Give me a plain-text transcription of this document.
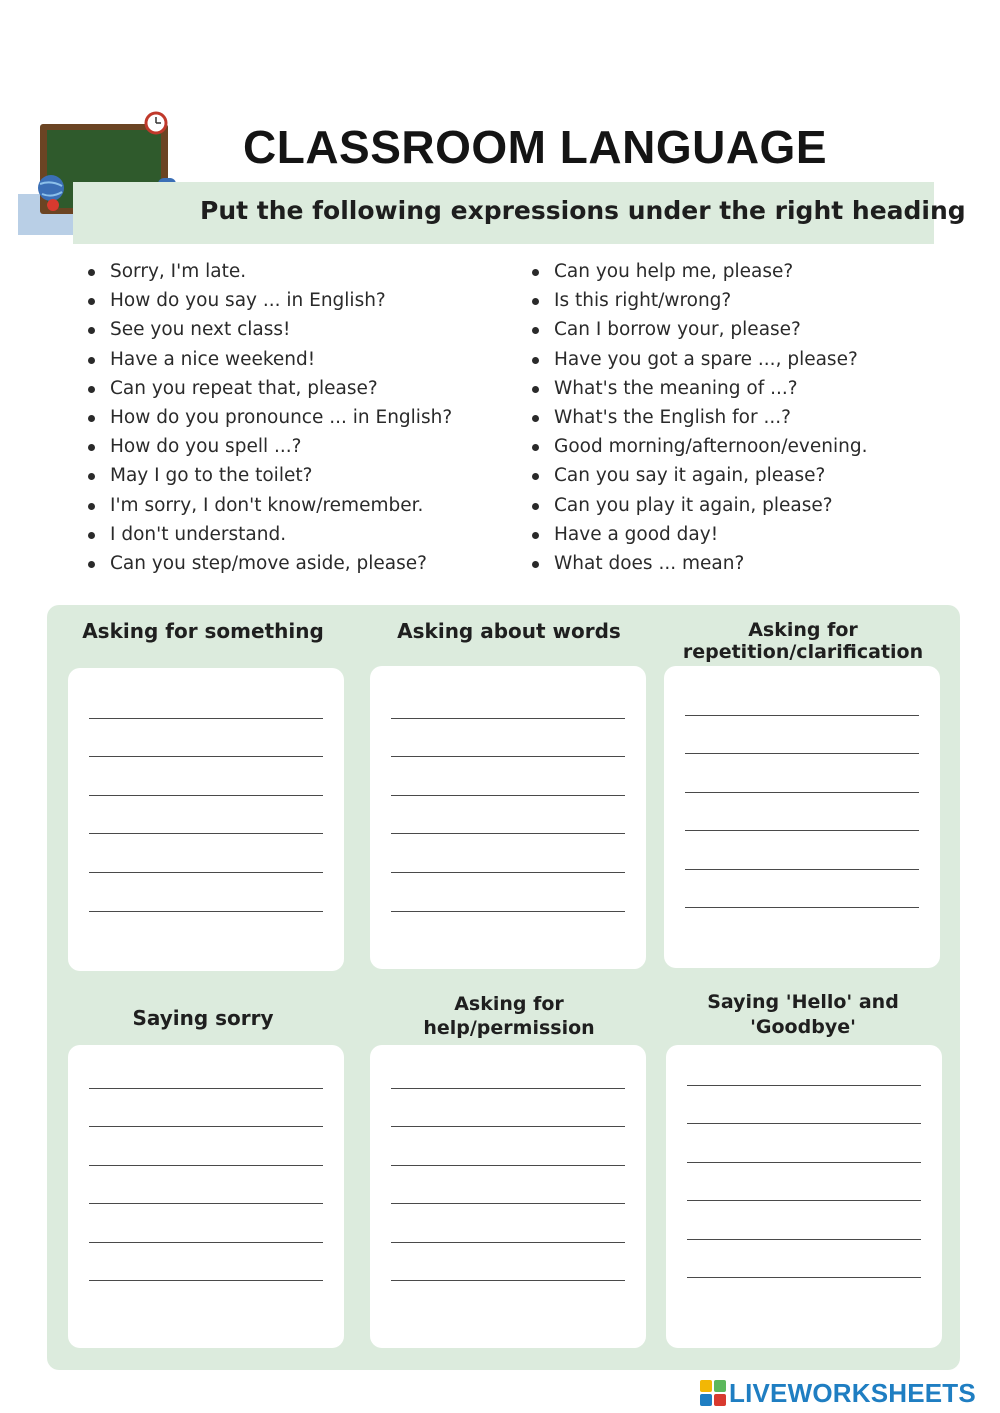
CLASSROOM LANGUAGE
Put the following expressions under the right heading
Sorry, I'm late.
How do you say ... in English?
See you next class!
Have a nice weekend!
Can you repeat that, please?
How do you pronounce ... in English?
How do you spell ...?
May I go to the toilet?
I'm sorry, I don't know/remember.
I don't understand.
Can you step/move aside, please?
Can you help me, please?
Is this right/wrong?
Can I borrow your, please?
Have you got a spare ..., please?
What's the meaning of ...?
What's the English for ...?
Good morning/afternoon/evening.
Can you say it again, please?
Can you play it again, please?
Have a good day!
What does ... mean?
Asking for something	Asking about words	Asking for
repetition/clarification
Saying sorry
Asking for
help/permission
Saying 'Hello' and
'Goodbye'
LIVEWORKSHEETS
